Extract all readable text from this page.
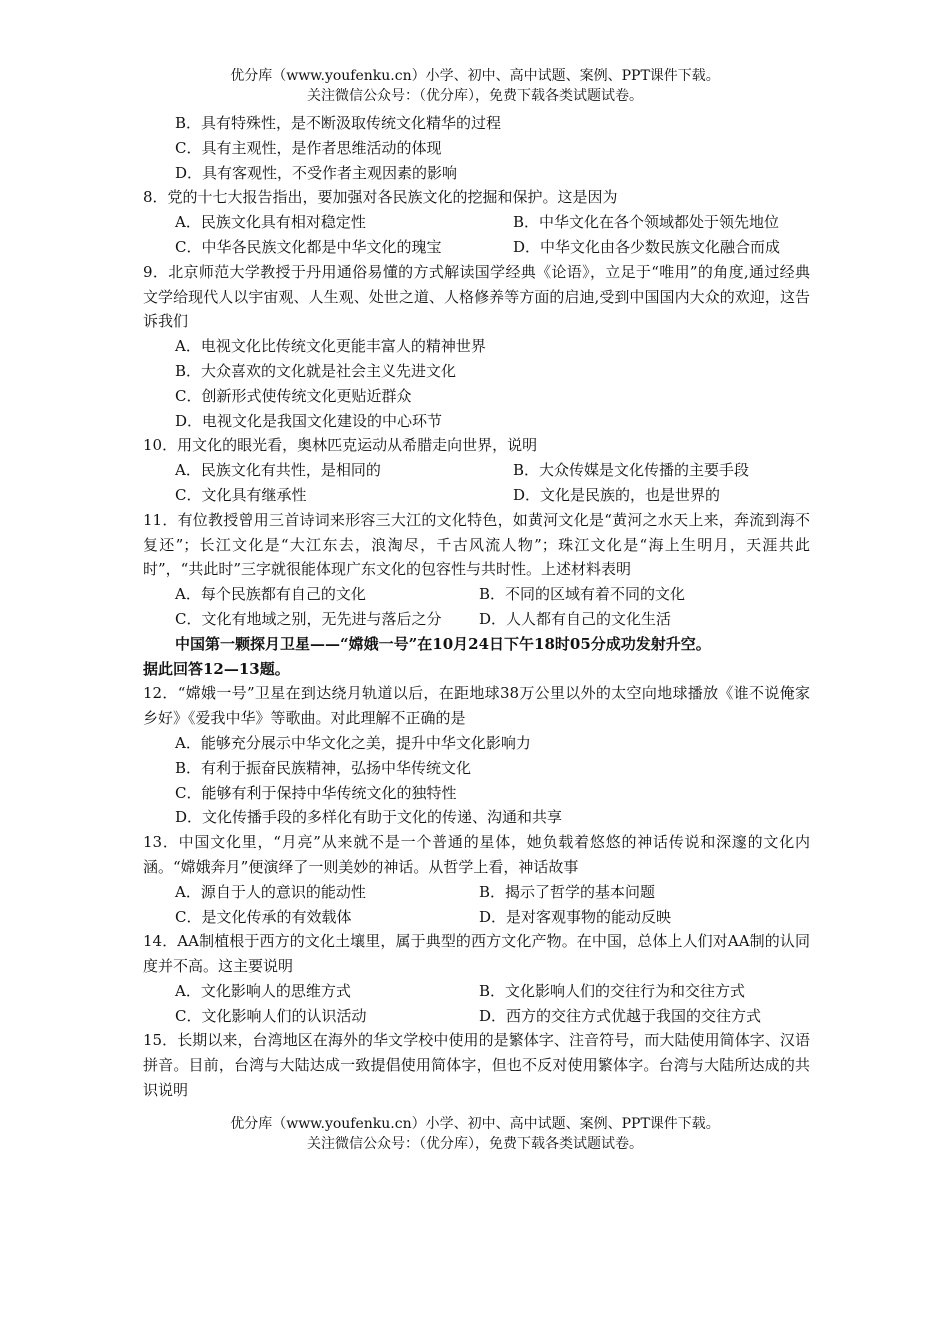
优分库（www.youfenku.cn）小学、初中、高中试题、案例、PPT课件下载。
关注微信公众号：（优分库），免费下载各类试题试卷。
B．具有特殊性，是不断汲取传统文化精华的过程
C．具有主观性，是作者思维活动的体现
D．具有客观性，不受作者主观因素的影响
8．党的十七大报告指出，要加强对各民族文化的挖掘和保护。这是因为
A．民族文化具有相对稳定性	B．中华文化在各个领域都处于领先地位
C．中华各民族文化都是中华文化的瑰宝	D．中华文化由各少数民族文化融合而成
9．北京师范大学教授于丹用通俗易懂的方式解读国学经典《论语》，立足于“唯用”的角度,通过经典文学给现代人以宇宙观、人生观、处世之道、人格修养等方面的启迪,受到中国国内大众的欢迎，这告诉我们
A．电视文化比传统文化更能丰富人的精神世界
B．大众喜欢的文化就是社会主义先进文化
C．创新形式使传统文化更贴近群众
D．电视文化是我国文化建设的中心环节
10．用文化的眼光看，奥林匹克运动从希腊走向世界，说明
A．民族文化有共性，是相同的	B．大众传媒是文化传播的主要手段
C．文化具有继承性	D．文化是民族的，也是世界的
11．有位教授曾用三首诗词来形容三大江的文化特色，如黄河文化是“黄河之水天上来，奔流到海不复还”；长江文化是“大江东去，浪淘尽，千古风流人物”；珠江文化是“海上生明月，天涯共此时”，“共此时”三字就很能体现广东文化的包容性与共时性。上述材料表明
A．每个民族都有自己的文化	B．不同的区域有着不同的文化
C．文化有地域之别，无先进与落后之分	D．人人都有自己的文化生活
中国第一颗探月卫星——“嫦娥一号”在10月24日下午18时05分成功发射升空。
据此回答12—13题。
12．“嫦娥一号”卫星在到达绕月轨道以后，在距地球38万公里以外的太空向地球播放《谁不说俺家乡好》《爱我中华》等歌曲。对此理解不正确的是
A．能够充分展示中华文化之美，提升中华文化影响力
B．有利于振奋民族精神，弘扬中华传统文化
C．能够有利于保持中华传统文化的独特性
D．文化传播手段的多样化有助于文化的传递、沟通和共享
13．中国文化里，“月亮”从来就不是一个普通的星体，她负载着悠悠的神话传说和深邃的文化内涵。“嫦娥奔月”便演绎了一则美妙的神话。从哲学上看，神话故事
A．源自于人的意识的能动性	B．揭示了哲学的基本问题
C．是文化传承的有效载体	D．是对客观事物的能动反映
14．AA制植根于西方的文化土壤里，属于典型的西方文化产物。在中国，总体上人们对AA制的认同度并不高。这主要说明
A．文化影响人的思维方式	B．文化影响人们的交往行为和交往方式
C．文化影响人们的认识活动	D．西方的交往方式优越于我国的交往方式
15．长期以来，台湾地区在海外的华文学校中使用的是繁体字、注音符号，而大陆使用简体字、汉语拼音。目前，台湾与大陆达成一致提倡使用简体字，但也不反对使用繁体字。台湾与大陆所达成的共识说明
优分库（www.youfenku.cn）小学、初中、高中试题、案例、PPT课件下载。
关注微信公众号：（优分库），免费下载各类试题试卷。
